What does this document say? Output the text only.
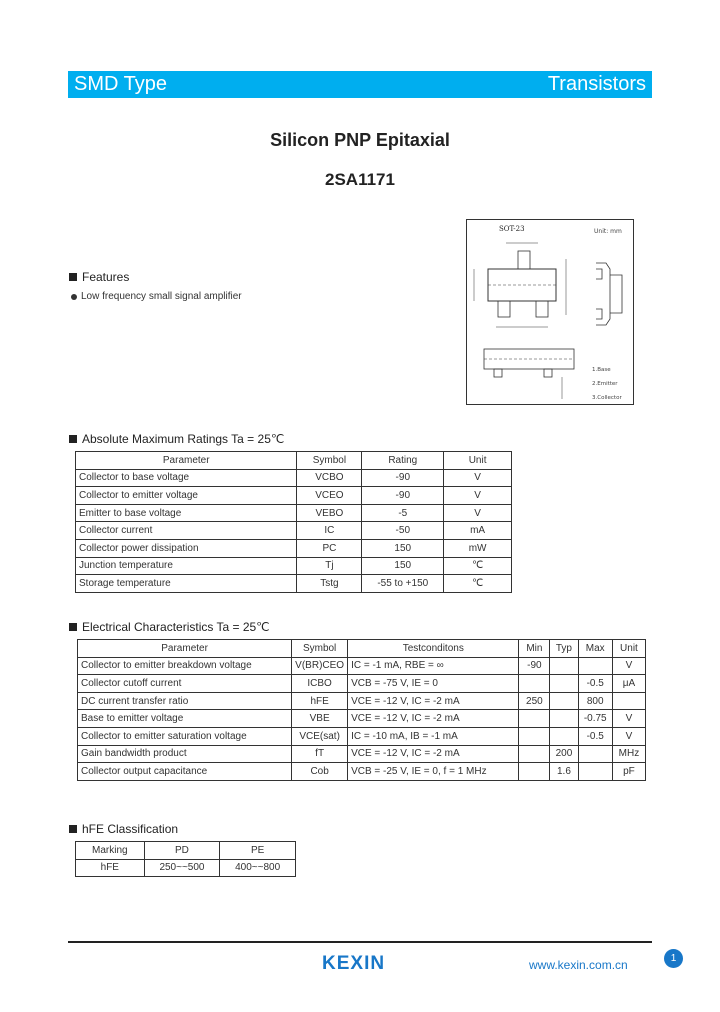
SMD Type	Transistors
Silicon PNP Epitaxial
2SA1171
Features
Low frequency small signal amplifier
SOT-23	Unit: mm
1.Base
2.Emitter
3.Collector
Absolute Maximum Ratings Ta = 25℃
Parameter	Symbol	Rating	Unit
Collector to base voltage	VCBO	-90	V
Collector to emitter voltage	VCEO	-90	V
Emitter to base voltage	VEBO	-5	V
Collector current	IC	-50	mA
Collector power dissipation	PC	150	mW
Junction temperature	Tj	150	℃
Storage temperature	Tstg	-55 to +150	℃
Electrical Characteristics Ta = 25℃
Parameter	Symbol	Testconditons	Min	Typ	Max	Unit
Collector to emitter breakdown voltage	V(BR)CEO	IC = -1 mA, RBE = ∞	-90			V
Collector cutoff current	ICBO	VCB = -75 V, IE = 0			-0.5	μA
DC current transfer ratio	hFE	VCE = -12 V, IC = -2 mA	250		800	
Base to emitter voltage	VBE	VCE = -12 V, IC = -2 mA			-0.75	V
Collector to emitter saturation voltage	VCE(sat)	IC = -10 mA, IB = -1 mA			-0.5	V
Gain bandwidth product	fT	VCE = -12 V, IC = -2 mA		200		MHz
Collector output capacitance	Cob	VCB = -25 V, IE = 0, f = 1 MHz		1.6		pF
hFE Classification
Marking	PD	PE
hFE	250~~500	400~~800
KEXIN	www.kexin.com.cn	1
